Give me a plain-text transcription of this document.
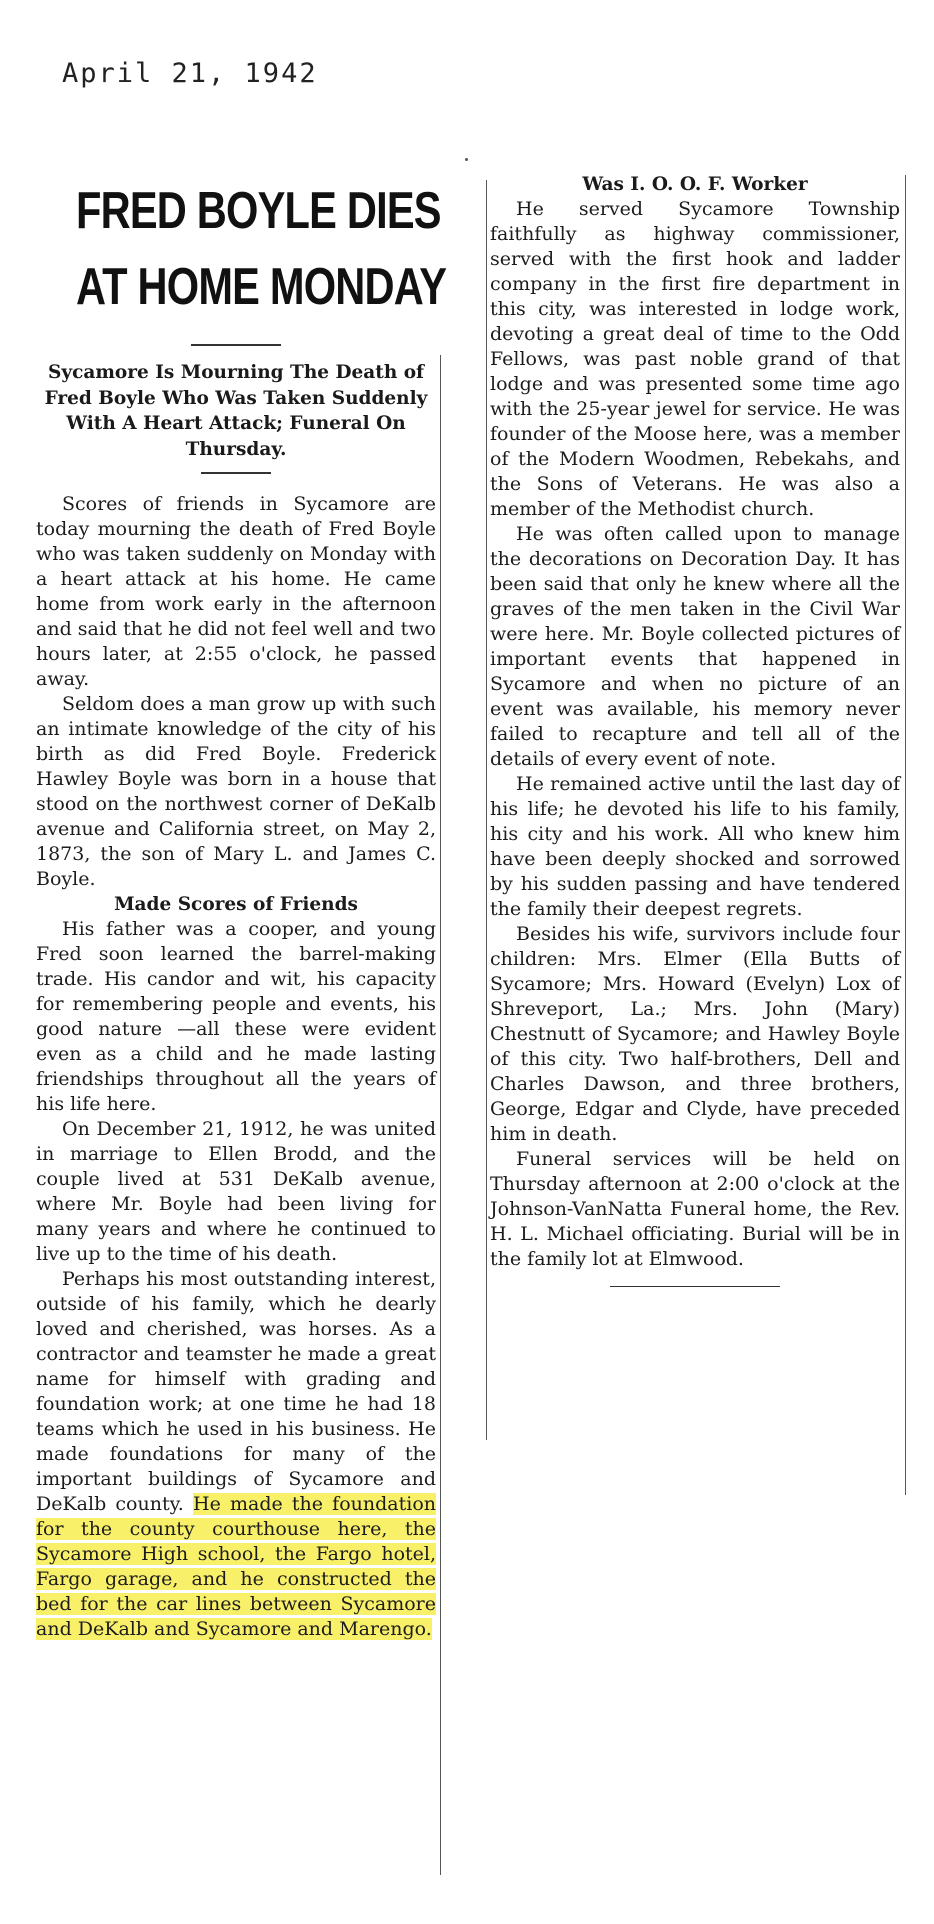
April 21, 1942
FRED BOYLE DIES
AT HOME MONDAY
Sycamore Is Mourning The Death of Fred Boyle Who Was Taken Suddenly With A Heart Attack; Funeral On Thursday.

Scores of friends in Sycamore are today mourning the death of Fred Boyle who was taken suddenly on Monday with a heart attack at his home. He came home from work early in the afternoon and said that he did not feel well and two hours later, at 2:55 o'clock, he passed away.

Seldom does a man grow up with such an intimate knowledge of the city of his birth as did Fred Boyle. Frederick Hawley Boyle was born in a house that stood on the northwest corner of DeKalb avenue and California street, on May 2, 1873, the son of Mary L. and James C. Boyle.

Made Scores of Friends

His father was a cooper, and young Fred soon learned the barrel-making trade. His candor and wit, his capacity for remembering people and events, his good nature —all these were evident even as a child and he made lasting friendships throughout all the years of his life here.

On December 21, 1912, he was united in marriage to Ellen Brodd, and the couple lived at 531 DeKalb avenue, where Mr. Boyle had been living for many years and where he continued to live up to the time of his death.

Perhaps his most outstanding interest, outside of his family, which he dearly loved and cherished, was horses. As a contractor and teamster he made a great name for himself with grading and foundation work; at one time he had 18 teams which he used in his business. He made foundations for many of the important buildings of Sycamore and DeKalb county. He made the foundation for the county courthouse here, the Sycamore High school, the Fargo hotel, Fargo garage, and he constructed the bed for the car lines between Sycamore and DeKalb and Sycamore and Marengo.

Was I. O. O. F. Worker

He served Sycamore Township faithfully as highway commissioner, served with the first hook and ladder company in the first fire department in this city, was interested in lodge work, devoting a great deal of time to the Odd Fellows, was past noble grand of that lodge and was presented some time ago with the 25-year jewel for service. He was founder of the Moose here, was a member of the Modern Woodmen, Rebekahs, and the Sons of Veterans. He was also a member of the Methodist church.

He was often called upon to manage the decorations on Decoration Day. It has been said that only he knew where all the graves of the men taken in the Civil War were here. Mr. Boyle collected pictures of important events that happened in Sycamore and when no picture of an event was available, his memory never failed to recapture and tell all of the details of every event of note.

He remained active until the last day of his life; he devoted his life to his family, his city and his work. All who knew him have been deeply shocked and sorrowed by his sudden passing and have tendered the family their deepest regrets.

Besides his wife, survivors include four children: Mrs. Elmer (Ella Butts of Sycamore; Mrs. Howard (Evelyn) Lox of Shreveport, La.; Mrs. John (Mary) Chestnutt of Sycamore; and Hawley Boyle of this city. Two half-brothers, Dell and Charles Dawson, and three brothers, George, Edgar and Clyde, have preceded him in death.

Funeral services will be held on Thursday afternoon at 2:00 o'clock at the Johnson-VanNatta Funeral home, the Rev. H. L. Michael officiating. Burial will be in the family lot at Elmwood.
